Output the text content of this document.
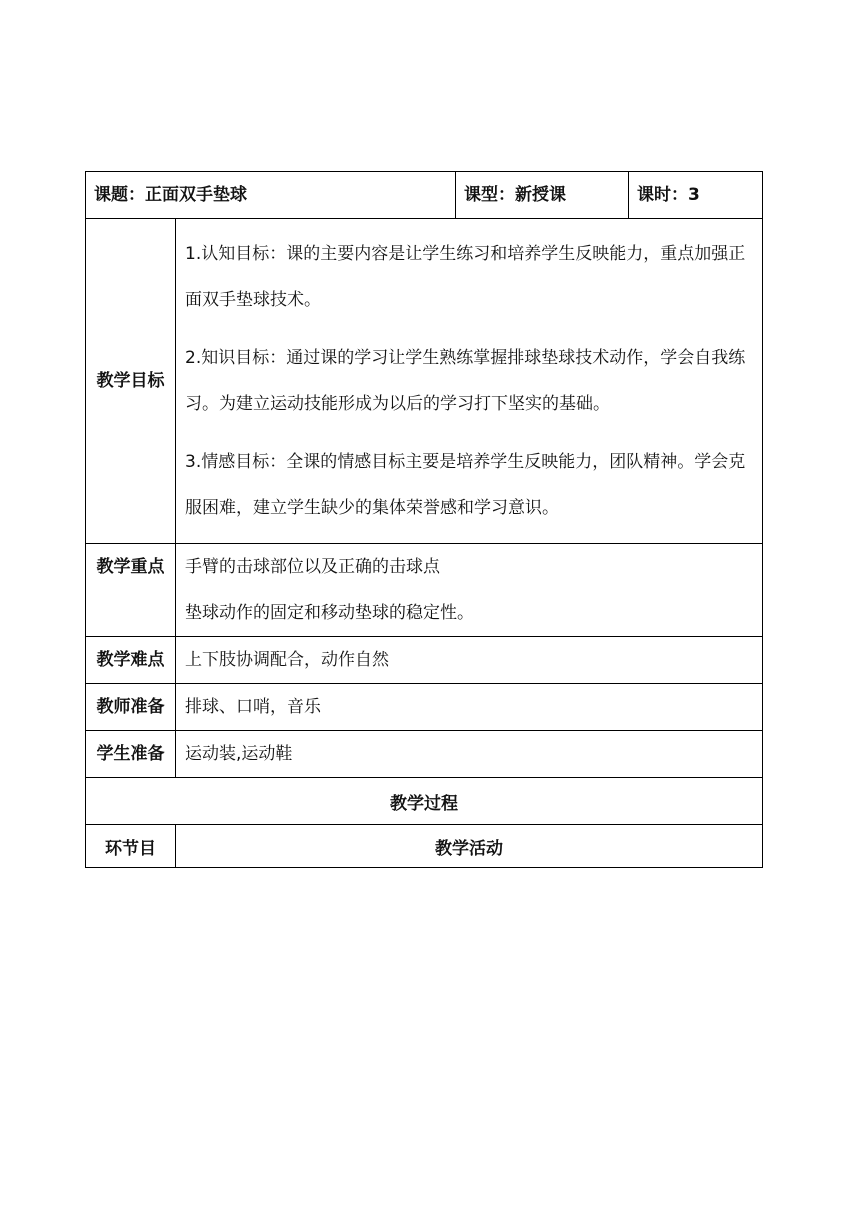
课题：正面双手垫球		课型：新授课	课时：3

教学目标	1.认知目标：课的主要内容是让学生练习和培养学生反映能力，重点加强正面双手垫球技术。

2.知识目标：通过课的学习让学生熟练掌握排球垫球技术动作，学会自我练习。为建立运动技能形成为以后的学习打下坚实的基础。

3.情感目标：全课的情感目标主要是培养学生反映能力，团队精神。学会克服困难，建立学生缺少的集体荣誉感和学习意识。		

教学重点	手臂的击球部位以及正确的击球点
垫球动作的固定和移动垫球的稳定性。		

教学难点	上下肢协调配合，动作自然		

教师准备	排球、口哨，音乐		

学生准备	运动装,运动鞋		

教学过程			
环节目	教学活动		
